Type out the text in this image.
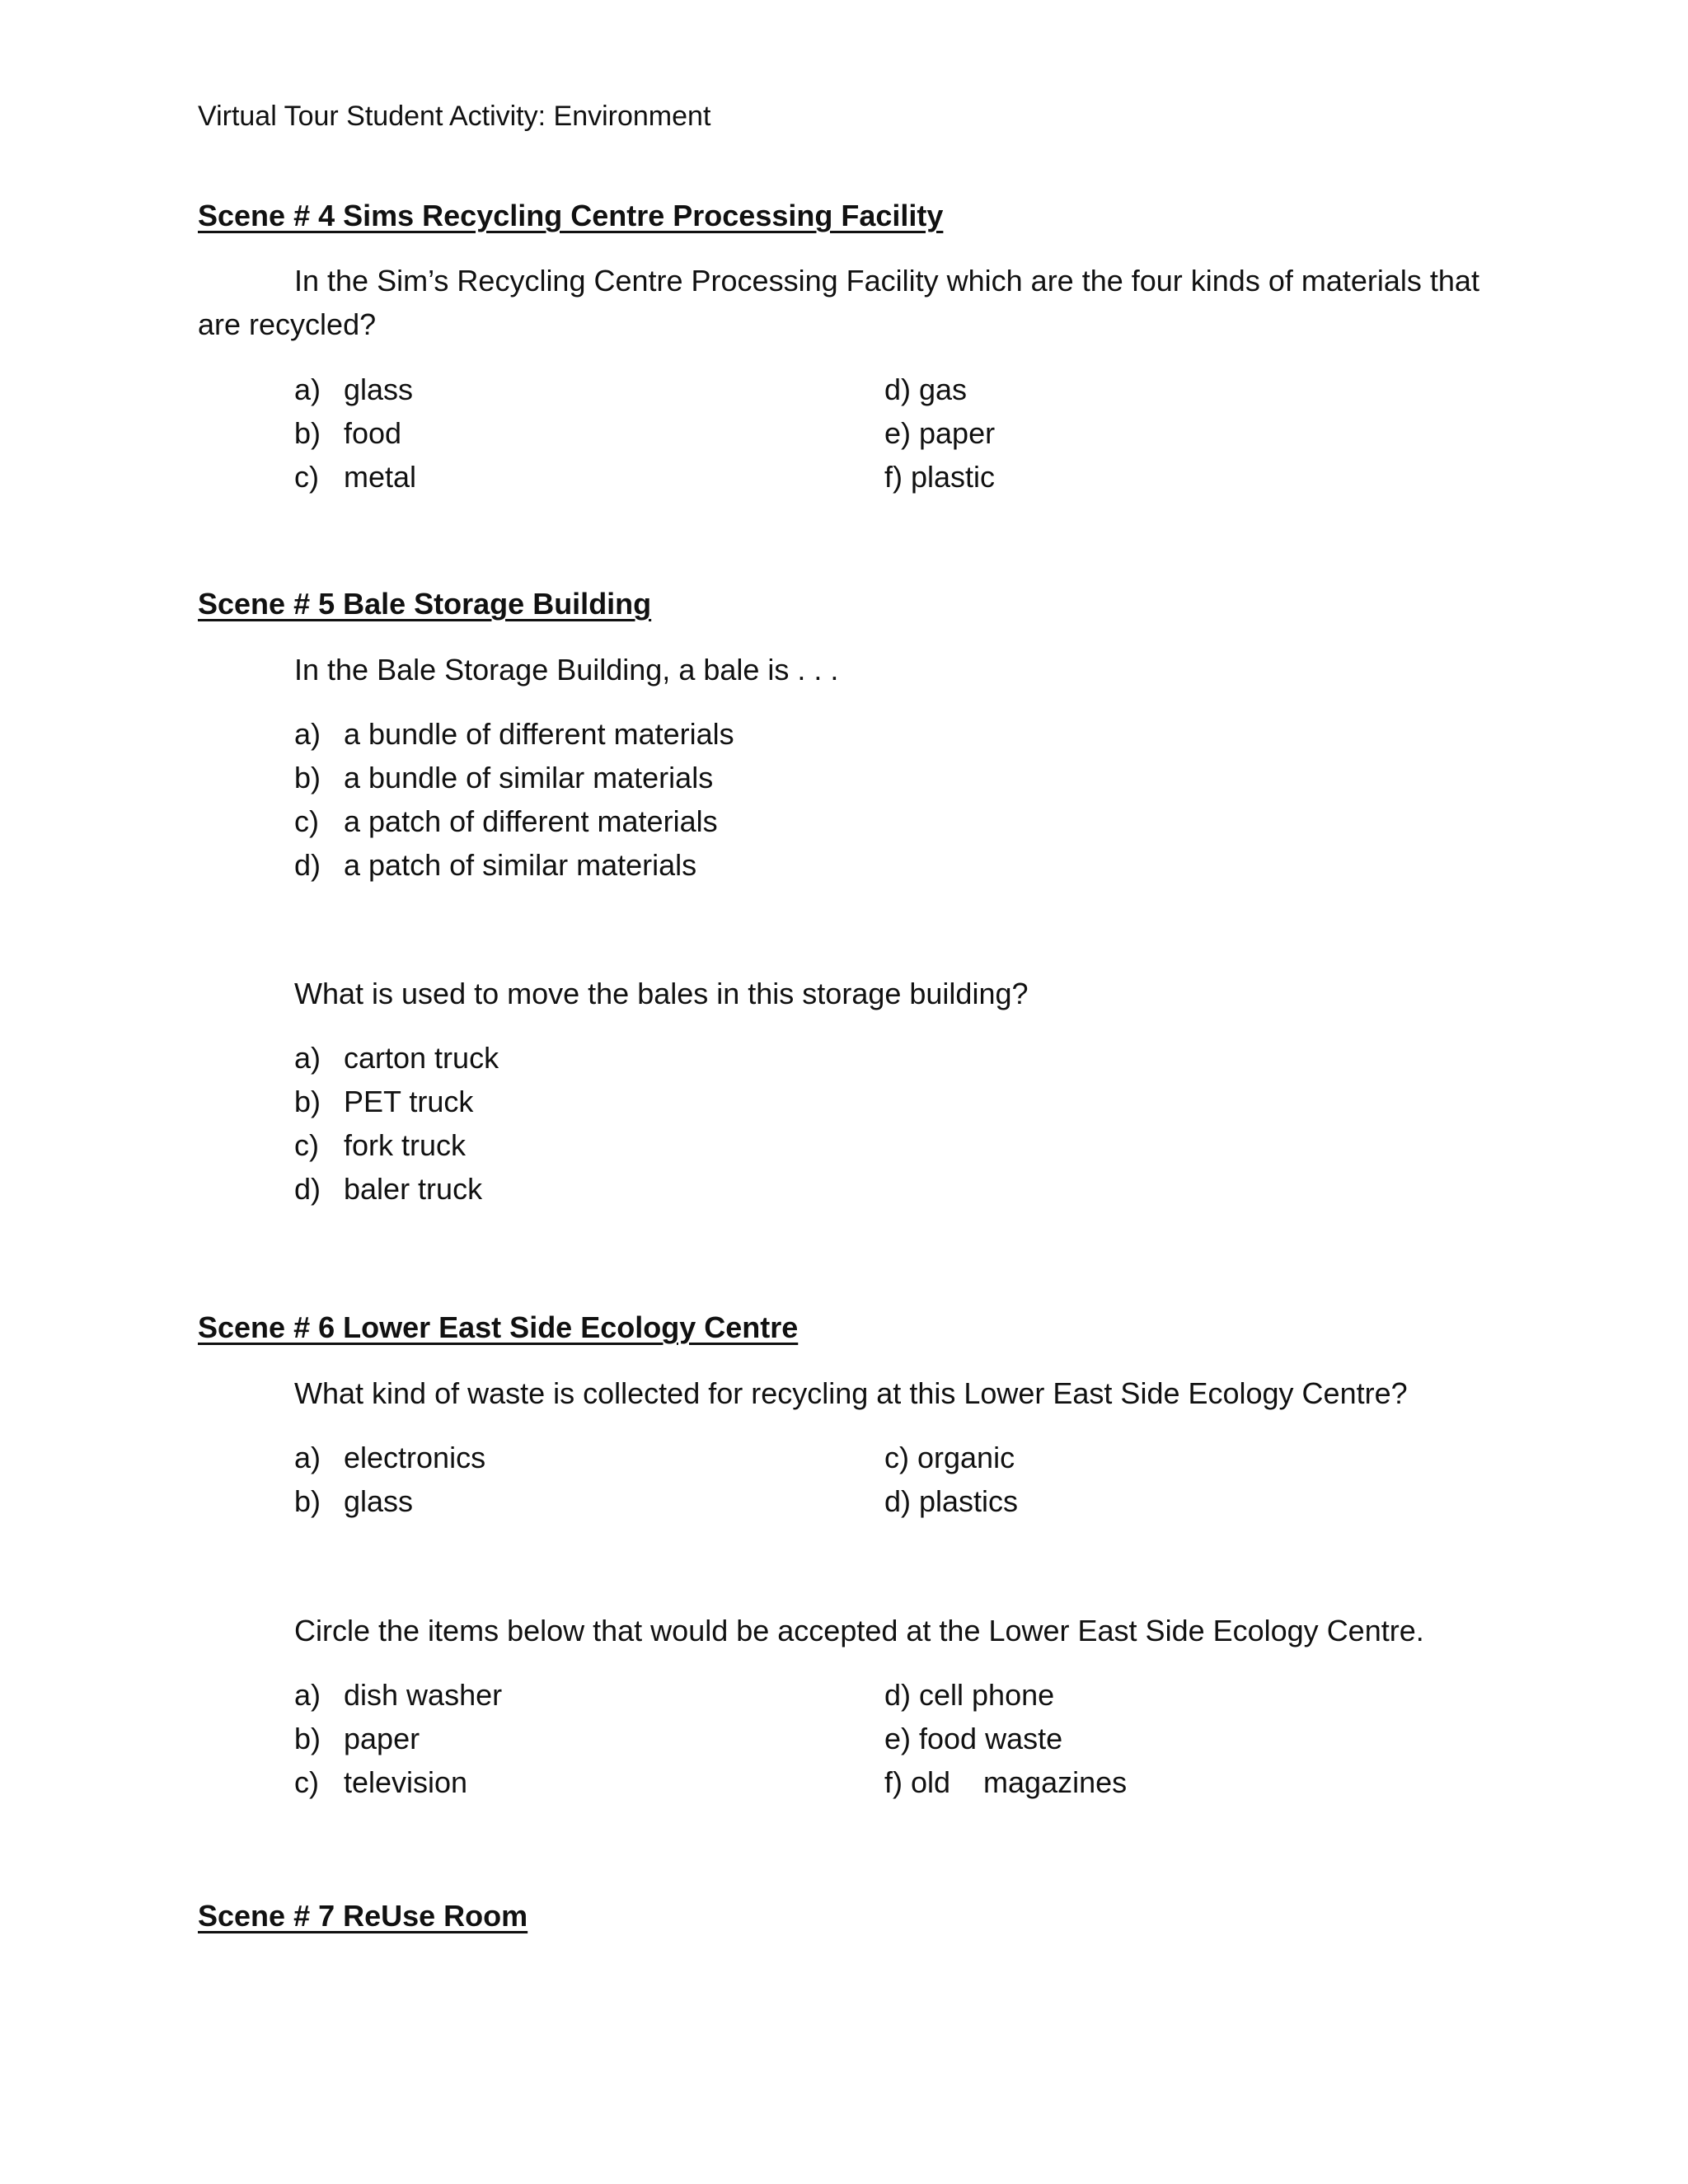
Virtual Tour Student Activity: Environment
Scene # 4 Sims Recycling Centre Processing Facility
In the Sim’s Recycling Centre Processing Facility which are the four kinds of materials that are recycled?
a) glass
b) food
c) metal
d) gas
e) paper
f) plastic
Scene # 5 Bale Storage Building
In the Bale Storage Building, a bale is . . .
a) a bundle of different materials
b) a bundle of similar materials
c) a patch of different materials
d) a patch of similar materials
What is used to move the bales in this storage building?
a) carton truck
b) PET truck
c) fork truck
d) baler truck
Scene # 6 Lower East Side Ecology Centre
What kind of waste is collected for recycling at this Lower East Side Ecology Centre?
a) electronics
b) glass
c) organic
d) plastics
Circle the items below that would be accepted at the Lower East Side Ecology Centre.
a) dish washer
b) paper
c) television
d) cell phone
e) food waste
f) old    magazines
Scene # 7 ReUse Room
